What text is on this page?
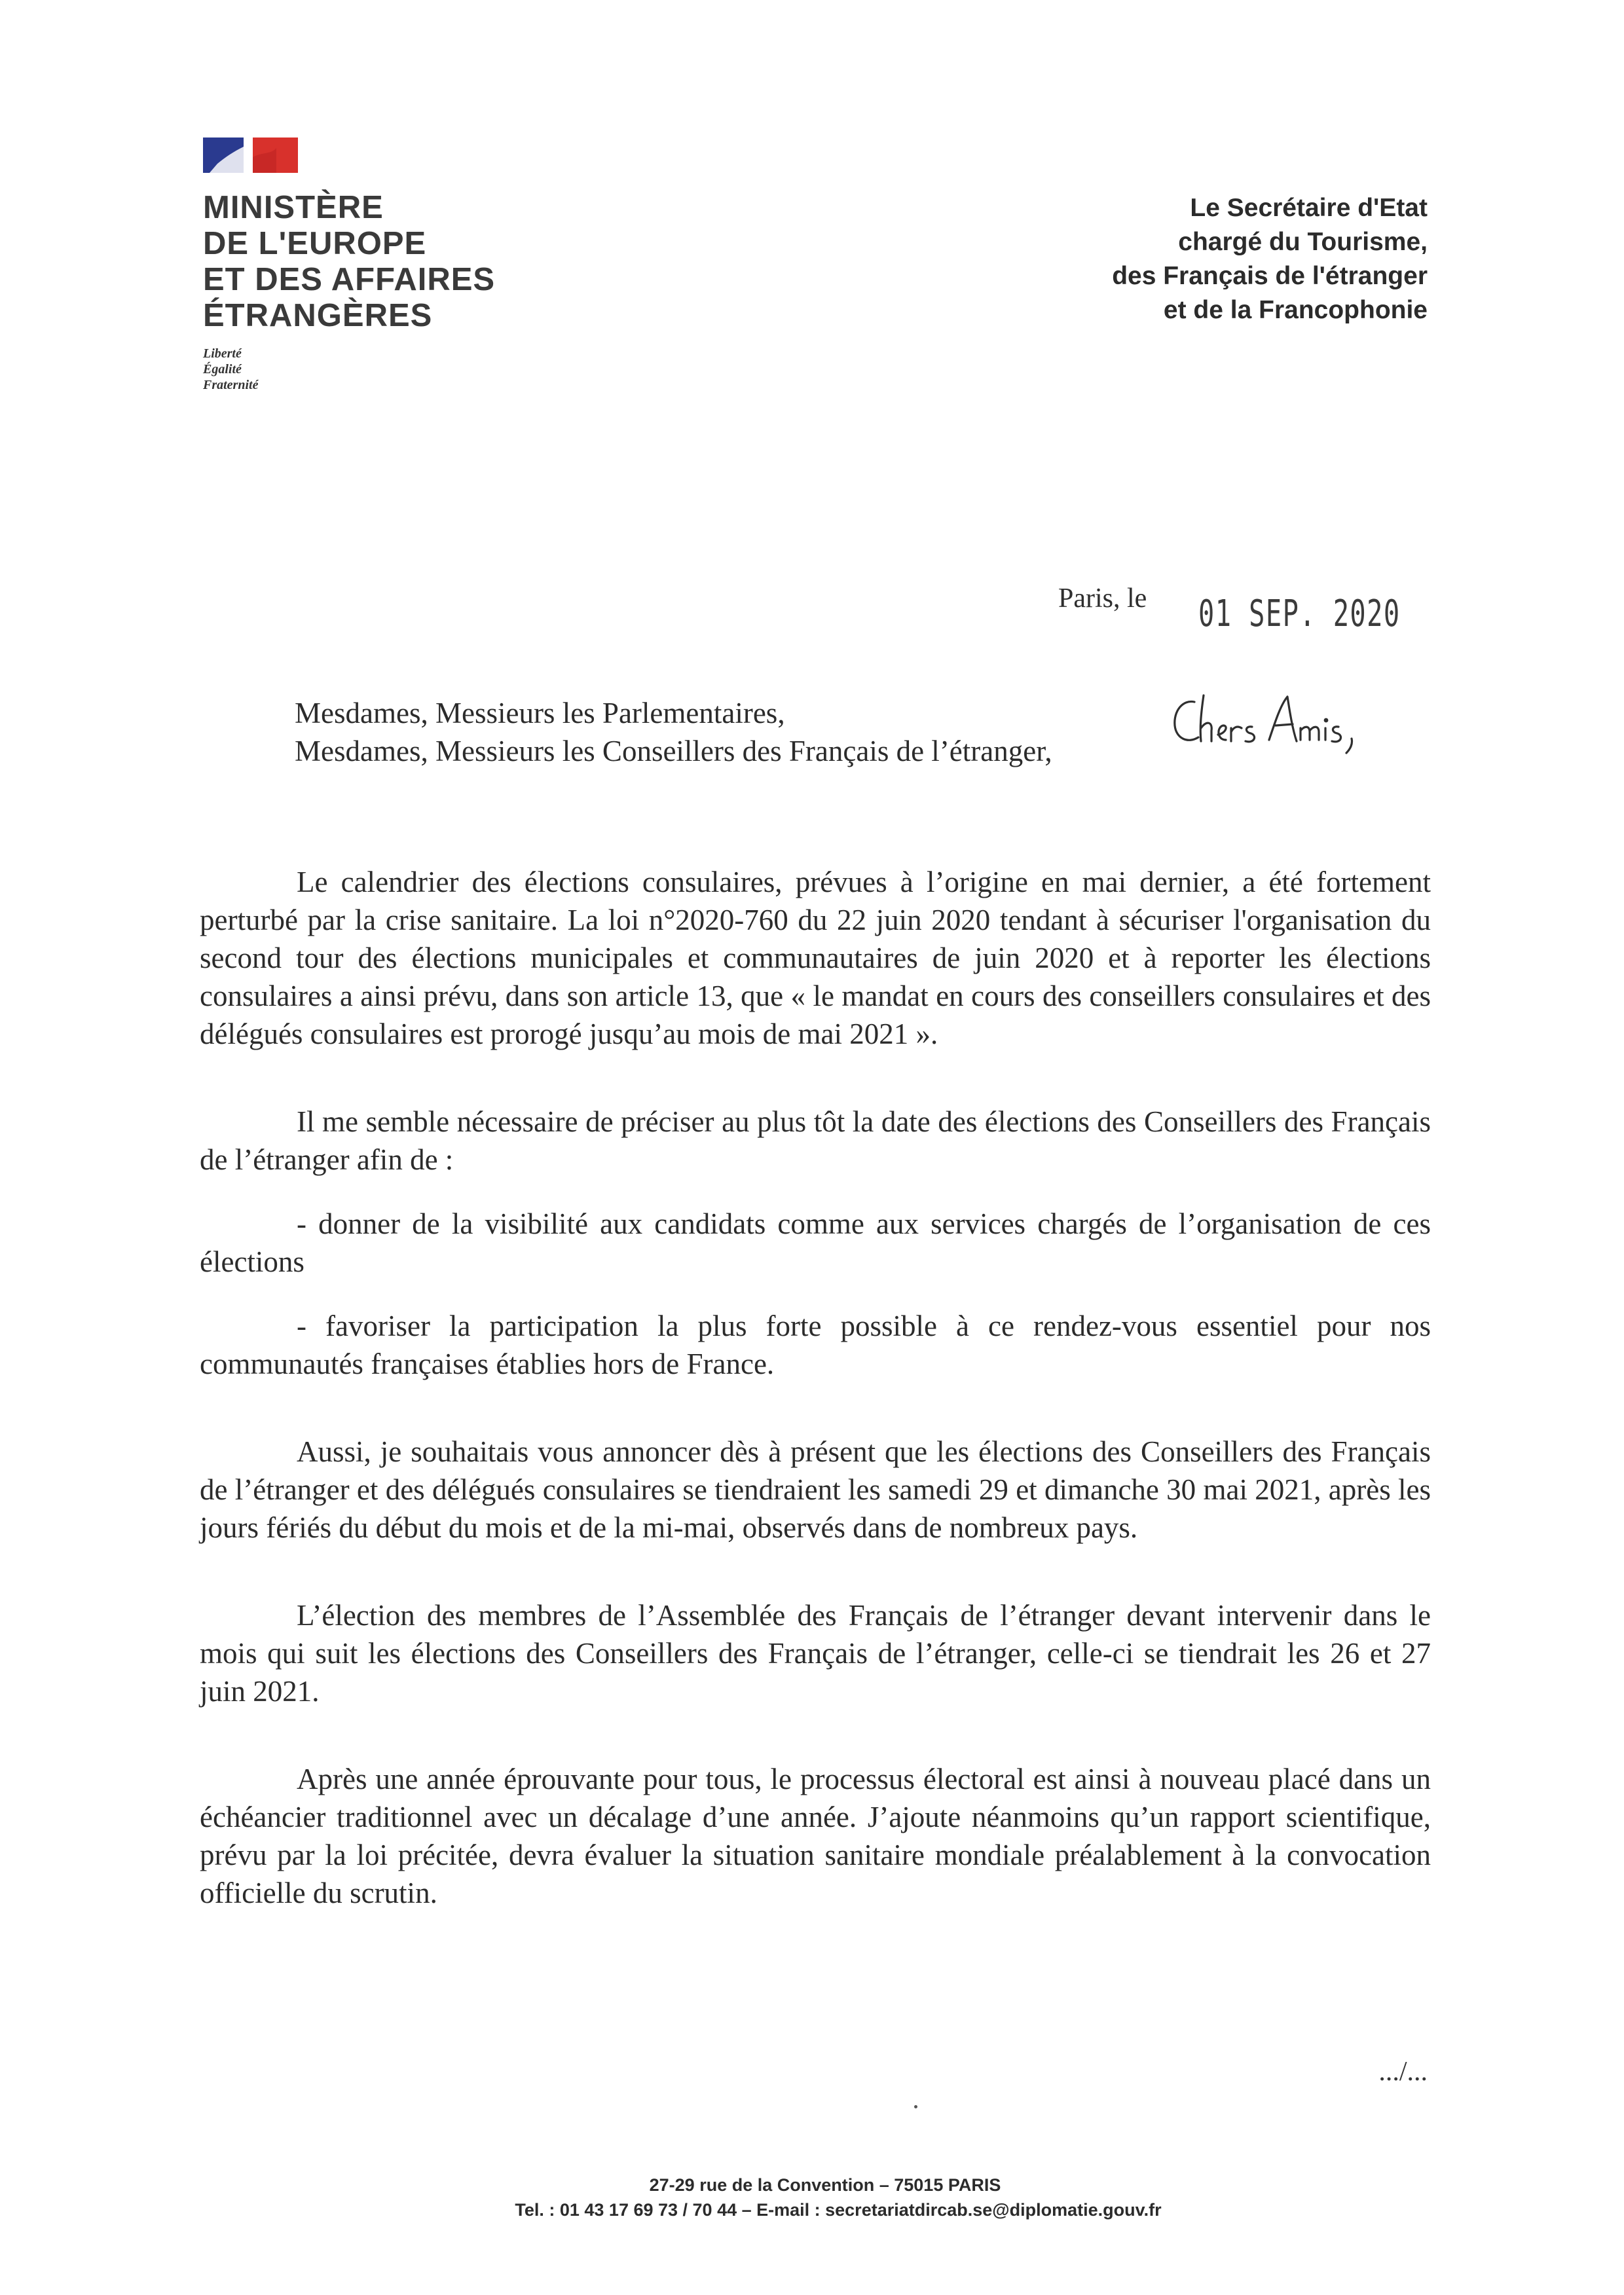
MINISTÈRE
DE L'EUROPE
ET DES AFFAIRES
ÉTRANGÈRES
Liberté
Égalité
Fraternité
Le Secrétaire d'Etat
chargé du Tourisme,
des Français de l'étranger
et de la Francophonie
Paris, le 01 SEP. 2020
Mesdames, Messieurs les Parlementaires,
Mesdames, Messieurs les Conseillers des Français de l’étranger,

Le calendrier des élections consulaires, prévues à l’origine en mai dernier, a été fortement perturbé par la crise sanitaire. La loi n°2020-760 du 22 juin 2020 tendant à sécuriser l'organisation du second tour des élections municipales et communautaires de juin 2020 et à reporter les élections consulaires a ainsi prévu, dans son article 13, que « le mandat en cours des conseillers consulaires et des délégués consulaires est prorogé jusqu’au mois de mai 2021 ».

Il me semble nécessaire de préciser au plus tôt la date des élections des Conseillers des Français de l’étranger afin de :

- donner de la visibilité aux candidats comme aux services chargés de l’organisation de ces élections

- favoriser la participation la plus forte possible à ce rendez-vous essentiel pour nos communautés françaises établies hors de France.

Aussi, je souhaitais vous annoncer dès à présent que les élections des Conseillers des Français de l’étranger et des délégués consulaires se tiendraient les samedi 29 et dimanche 30 mai 2021, après les jours fériés du début du mois et de la mi-mai, observés dans de nombreux pays.

L’élection des membres de l’Assemblée des Français de l’étranger devant intervenir dans le mois qui suit les élections des Conseillers des Français de l’étranger, celle-ci se tiendrait les 26 et 27 juin 2021.

Après une année éprouvante pour tous, le processus électoral est ainsi à nouveau placé dans un échéancier traditionnel avec un décalage d’une année. J’ajoute néanmoins qu’un rapport scientifique, prévu par la loi précitée, devra évaluer la situation sanitaire mondiale préalablement à la convocation officielle du scrutin.

.../...
27-29 rue de la Convention – 75015 PARIS
Tel. : 01 43 17 69 73 / 70 44 – E-mail : secretariatdircab.se@diplomatie.gouv.fr
